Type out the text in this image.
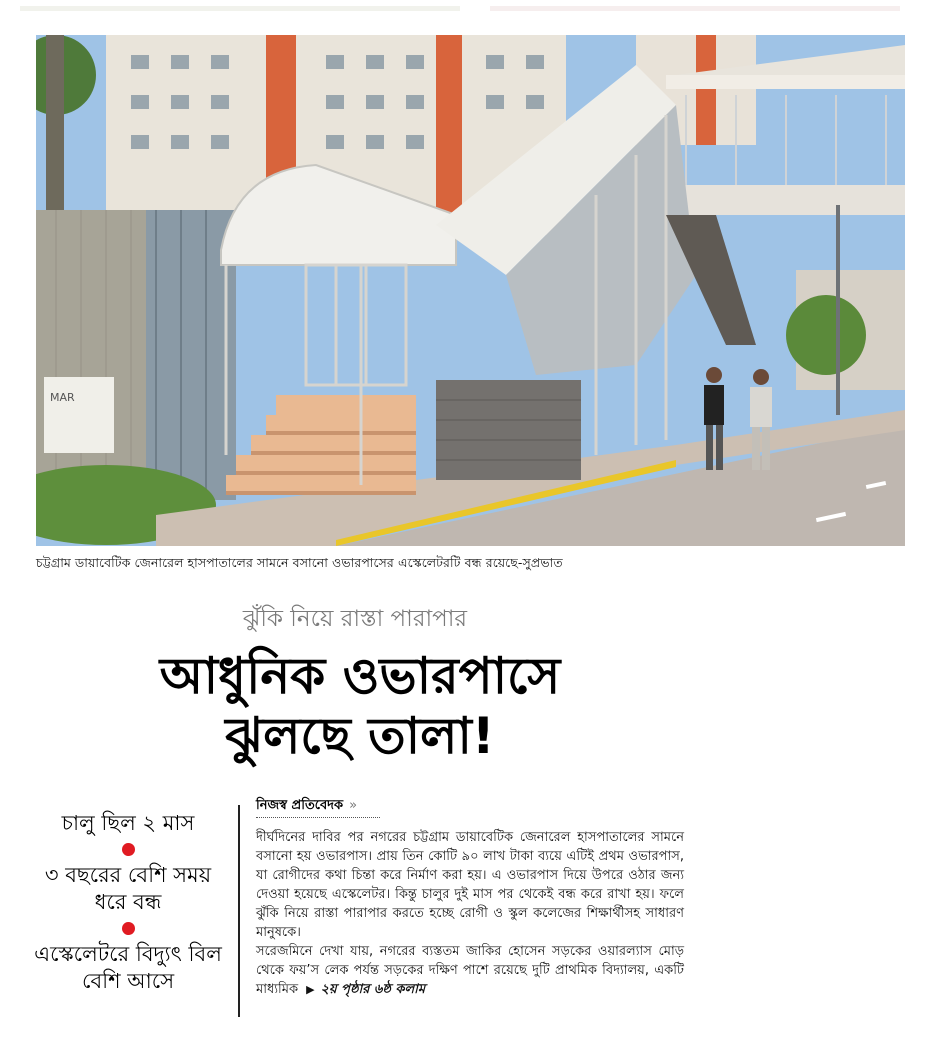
MAR
চট্টগ্রাম ডায়াবেটিক জেনারেল হাসপাতালের সামনে বসানো ওভারপাসের এস্কেলেটরটি বন্ধ রয়েছে-সুপ্রভাত
ঝুঁকি নিয়ে রাস্তা পারাপার
আধুনিক ওভারপাসে
ঝুলছে তালা!
চালু ছিল ২ মাস
৩ বছরের বেশি সময় ধরে বন্ধ
এস্কেলেটরে বিদ্যুৎ বিল বেশি আসে
নিজস্ব প্রতিবেদক »

দীর্ঘদিনের দাবির পর নগরের চট্টগ্রাম ডায়াবেটিক জেনারেল হাসপাতালের সামনে বসানো হয় ওভারপাস। প্রায় তিন কোটি ৯০ লাখ টাকা ব্যয়ে এটিই প্রথম ওভারপাস, যা রোগীদের কথা চিন্তা করে নির্মাণ করা হয়। এ ওভারপাস দিয়ে উপরে ওঠার জন্য দেওয়া হয়েছে এস্কেলেটর। কিন্তু চালুর দুই মাস পর থেকেই বন্ধ করে রাখা হয়। ফলে ঝুঁকি নিয়ে রাস্তা পারাপার করতে হচ্ছে রোগী ও স্কুল কলেজের শিক্ষার্থীসহ সাধারণ মানুষকে।

সরেজমিনে দেখা যায়, নগরের ব্যস্ততম জাকির হোসেন সড়কের ওয়ারল্যাস মোড় থেকে ফয়’স লেক পর্যন্ত সড়কের দক্ষিণ পাশে রয়েছে দুটি প্রাথমিক বিদ্যালয়, একটি মাধ্যমিক ▶ ২য় পৃষ্ঠার ৬ষ্ঠ কলাম
